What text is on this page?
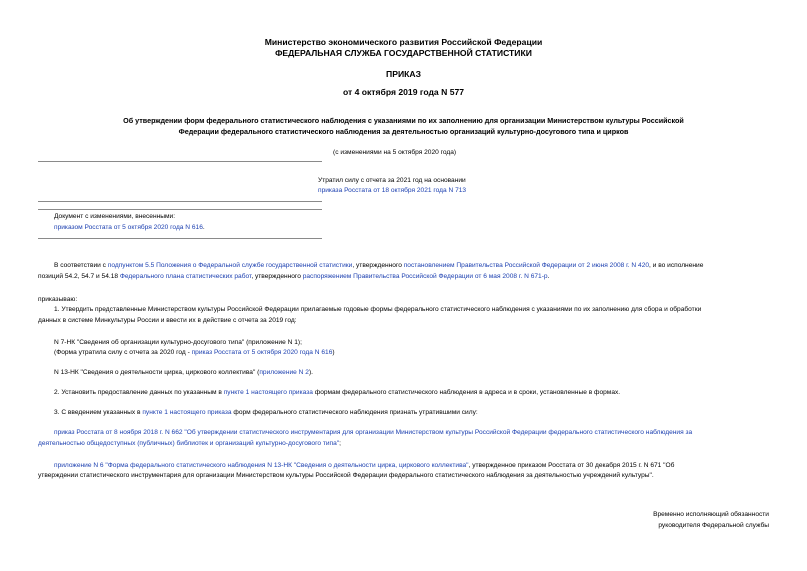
Министерство экономического развития Российской Федерации
ФЕДЕРАЛЬНАЯ СЛУЖБА ГОСУДАРСТВЕННОЙ СТАТИСТИКИ
ПРИКАЗ
от 4 октября 2019 года N 577
Об утверждении форм федерального статистического наблюдения с указаниями по их заполнению для организации Министерством культуры Российской
Федерации федерального статистического наблюдения за деятельностью организаций культурно-досугового типа и цирков
(с изменениями на 5 октября 2020 года)
Утратил силу с отчета за 2021 год на основании
приказа Росстата от 18 октября 2021 года N 713
Документ с изменениями, внесенными:
приказом Росстата от 5 октября 2020 года N 616.
В соответствии с подпунктом 5.5 Положения о Федеральной службе государственной статистики, утвержденного постановлением Правительства Российской Федерации от 2 июня 2008 г. N 420, и во исполнение
позиций 54.2, 54.7 и 54.18 Федерального плана статистических работ, утвержденного распоряжением Правительства Российской Федерации от 6 мая 2008 г. N 671-р.
приказываю:
1. Утвердить представленные Министерством культуры Российской Федерации прилагаемые годовые формы федерального статистического наблюдения с указаниями по их заполнению для сбора и обработки
данных в системе Минкультуры России и ввести их в действие с отчета за 2019 год:
N 7-НК "Сведения об организации культурно-досугового типа" (приложение N 1);
(Форма утратила силу с отчета за 2020 год - приказ Росстата от 5 октября 2020 года N 616)
N 13-НК "Сведения о деятельности цирка, циркового коллектива" (приложение N 2).
2. Установить предоставление данных по указанным в пункте 1 настоящего приказа формам федерального статистического наблюдения в адреса и в сроки, установленные в формах.
3. С введением указанных в пункте 1 настоящего приказа форм федерального статистического наблюдения признать утратившими силу:
приказ Росстата от 8 ноября 2018 г. N 662 "Об утверждении статистического инструментария для организации Министерством культуры Российской Федерации федерального статистического наблюдения за
деятельностью общедоступных (публичных) библиотек и организаций культурно-досугового типа";
приложение N 6 "Форма федерального статистического наблюдения N 13-НК "Сведения о деятельности цирка, циркового коллектива", утвержденное приказом Росстата от 30 декабря 2015 г. N 671 "Об
утверждении статистического инструментария для организации Министерством культуры Российской Федерации федерального статистического наблюдения за деятельностью учреждений культуры".
Временно исполняющий обязанности
руководителя Федеральной службы
